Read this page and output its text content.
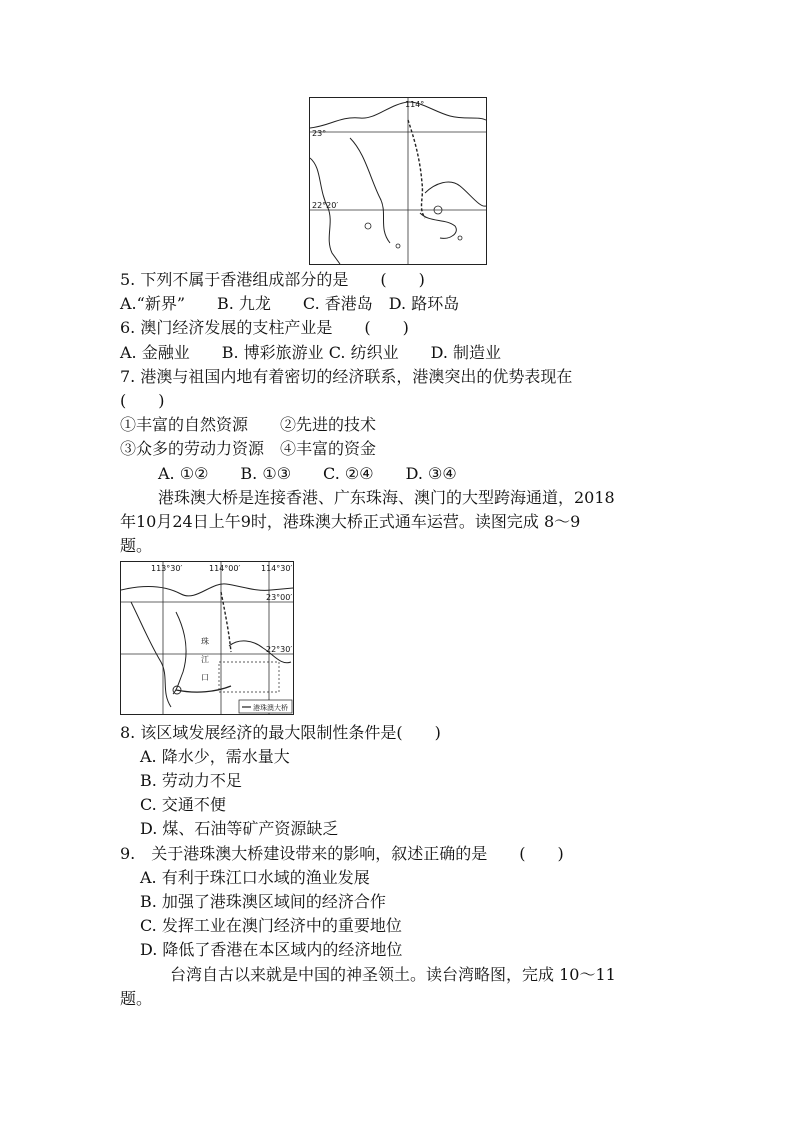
114°
23°
22°20′
5. 下列不属于香港组成部分的是　　(　　)
A.“新界”　　B. 九龙　　C. 香港岛　D. 路环岛
6. 澳门经济发展的支柱产业是　　(　　)
A. 金融业　　B. 博彩旅游业 C. 纺织业　　D. 制造业
7. 港澳与祖国内地有着密切的经济联系，港澳突出的优势表现在
(　　)
①丰富的自然资源　　②先进的技术
③众多的劳动力资源　④丰富的资金
A. ①②　　B. ①③　　C. ②④　　D. ③④
港珠澳大桥是连接香港、广东珠海、澳门的大型跨海通道，2018
年10月24日上午9时，港珠澳大桥正式通车运营。读图完成 8～9
题。
113°30′	114°00′	114°30′
23°00′
22°30′
珠
江
口
港珠澳大桥
8. 该区域发展经济的最大限制性条件是(　　)
A. 降水少，需水量大
B. 劳动力不足
C. 交通不便
D. 煤、石油等矿产资源缺乏
9.　关于港珠澳大桥建设带来的影响，叙述正确的是　　(　　)
A. 有利于珠江口水域的渔业发展
B. 加强了港珠澳区域间的经济合作
C. 发挥工业在澳门经济中的重要地位
D. 降低了香港在本区域内的经济地位
台湾自古以来就是中国的神圣领土。读台湾略图，完成 10～11
题。
